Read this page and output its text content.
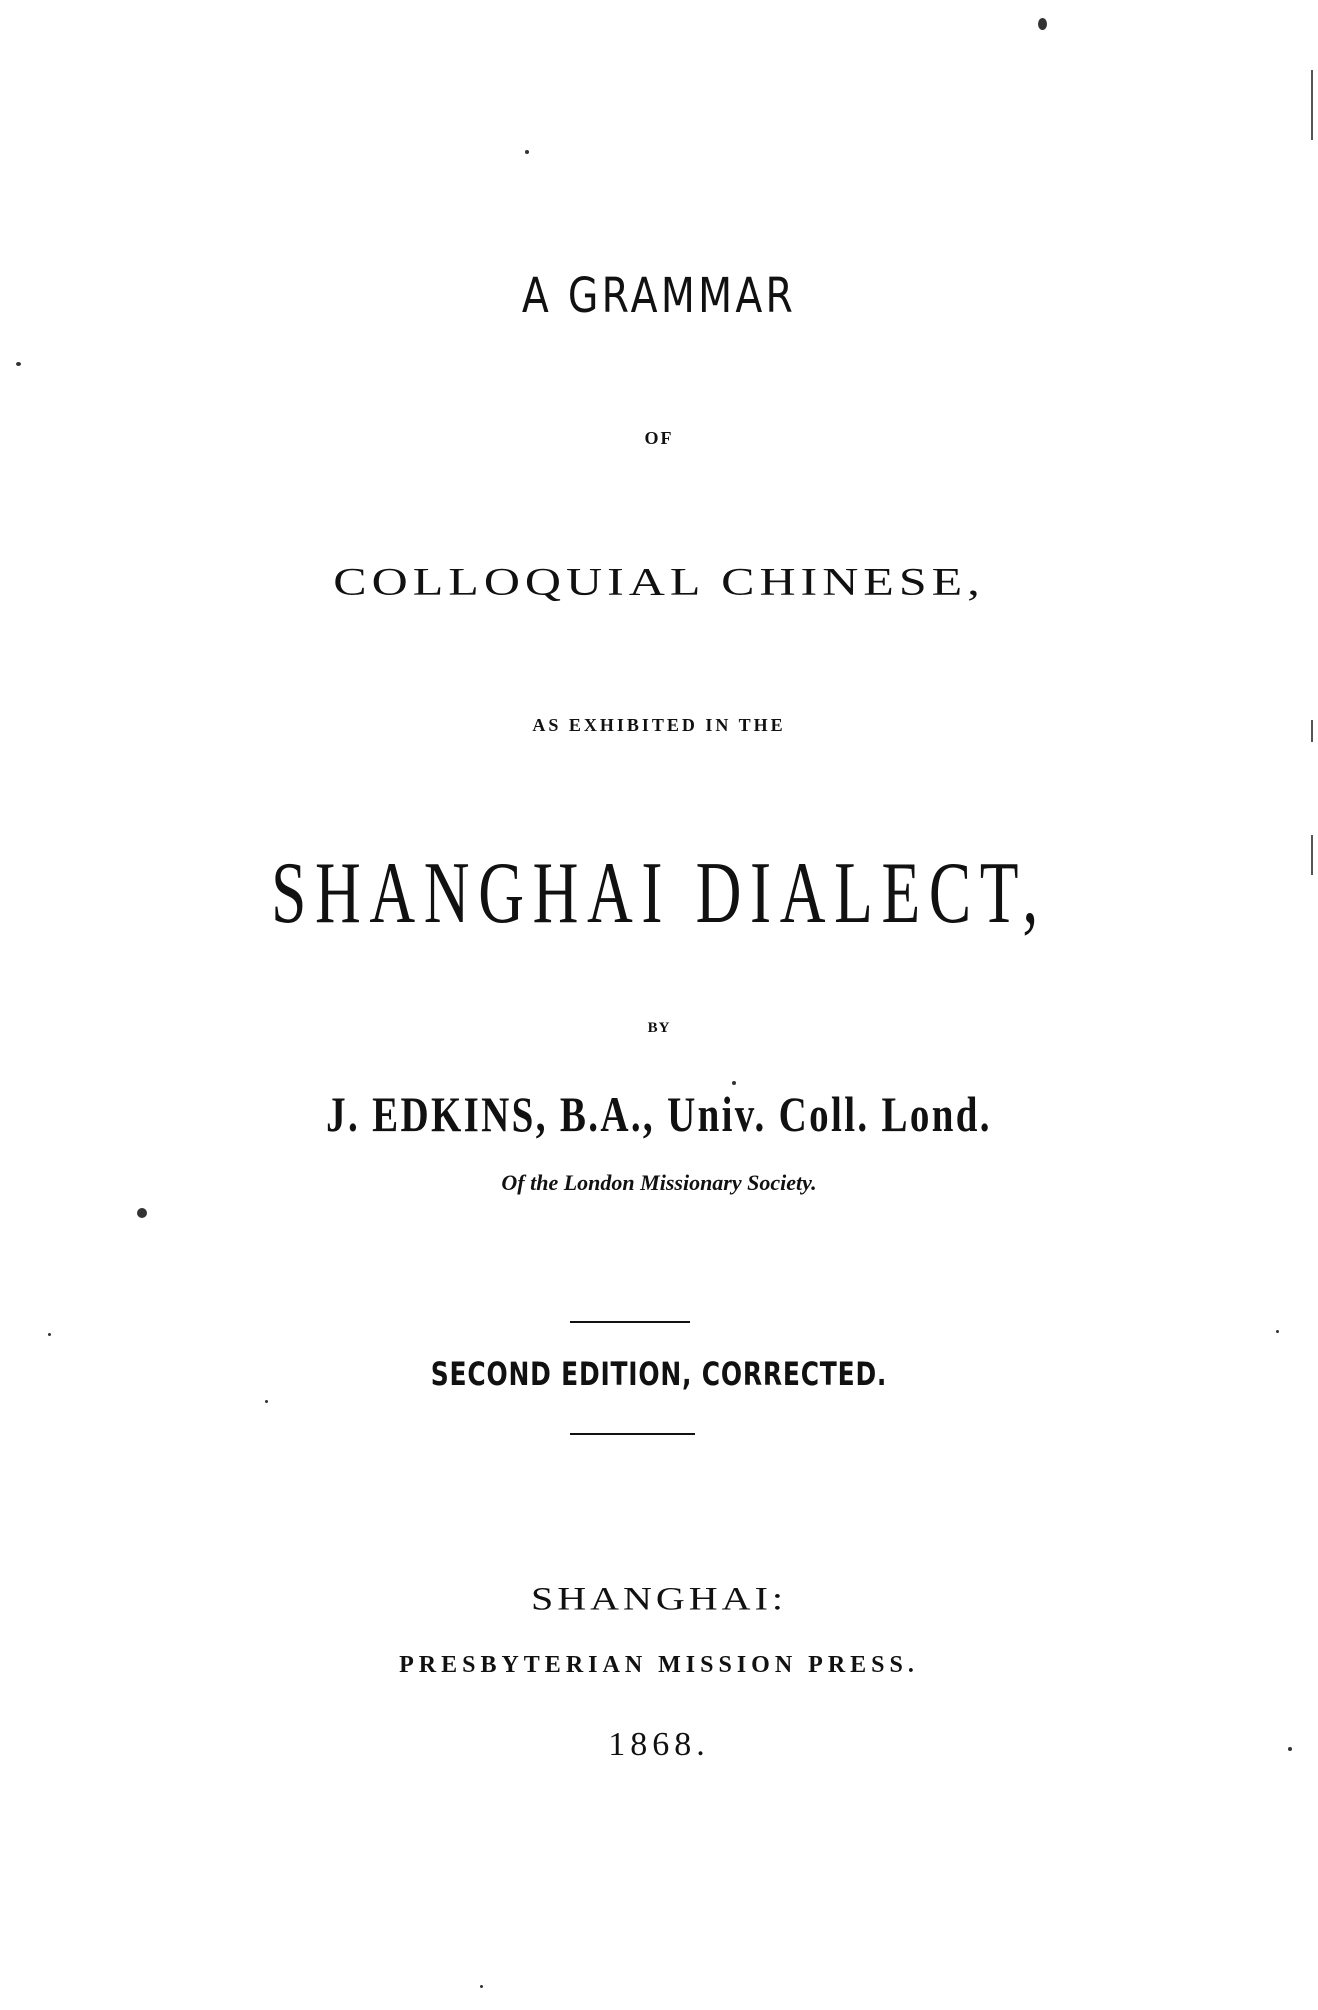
A GRAMMAR
OF
COLLOQUIAL CHINESE,
AS EXHIBITED IN THE
SHANGHAI DIALECT,
BY
J. EDKINS, B.A., Univ. Coll. Lond.
Of the London Missionary Society.
SECOND EDITION, CORRECTED.
SHANGHAI:
PRESBYTERIAN MISSION PRESS.
1868.
